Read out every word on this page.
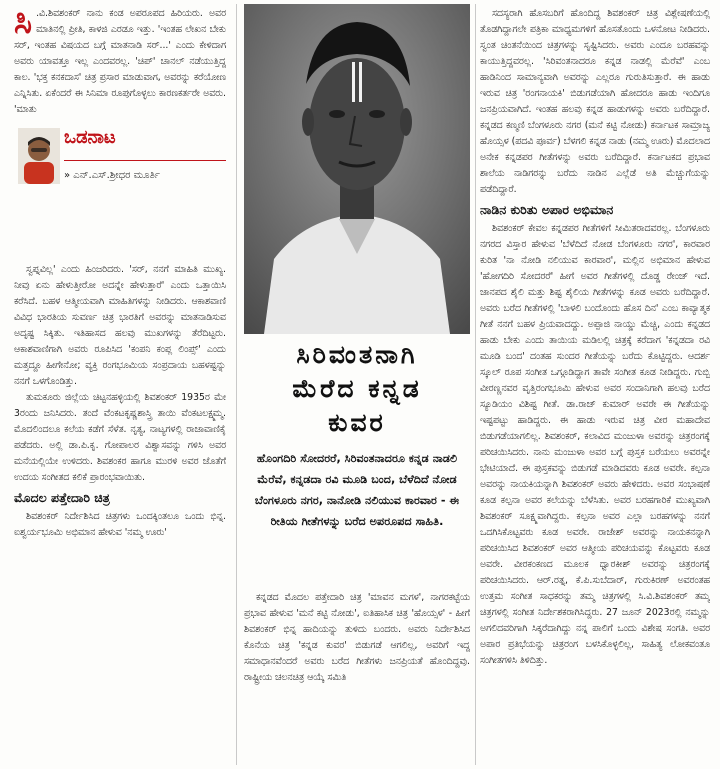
ಸಿ .ವಿ.ಶಿವಶಂಕರ್ ನಾನು ಕಂಡ ಅಪರೂಪದ ಹಿರಿಯರು. ಅವರ ಮಾತಿನಲ್ಲಿ ಪ್ರೀತಿ, ಕಾಳಜಿ ಎರಡೂ ಇತ್ತು. 'ಇಂತಹ ಲೇಖನ ಬೇಕು ಸರ್, ಇಂತಹ ವಿಷಯದ ಬಗ್ಗೆ ಮಾತನಾಡಿ ಸರ್...' ಎಂದು ಕೇಳಿದಾಗ ಅವರು ಯಾವತ್ತೂ ಇಲ್ಲ ಎಂದವರಲ್ಲ. 'ಚಿಪ್' ಚಾನಲ್ ನಡೆಯುತ್ತಿದ್ದ ಕಾಲ. 'ಭಕ್ತ ಕನಕದಾಸ' ಚಿತ್ರ ಪ್ರಸಾರ ಮಾಡುವಾಗ, ಅವರನ್ನು ಕರೆಯೋಣ ಎನ್ನಿಸಿತು. ಏಕೆಂದರೆ ಈ ಸಿನಿಮಾ ರೂಪುಗೊಳ್ಳಲು ಕಾರಣಕರ್ತರೇ ಅವರು. 'ಮಾತು

ಒಡನಾಟ
» ಎನ್.ಎಸ್.ಶ್ರೀಧರ ಮೂರ್ತಿ

ಸ್ವಪ್ನವಿಲ್ಲ' ಎಂದು ಹಿಂಜರಿದರು. 'ಸರ್, ನನಗೆ ಮಾಹಿತಿ ಮುಖ್ಯ. ನೀವು ಏನು ಹೇಳುತ್ತೀರೋ ಅದನ್ನೇ ಹೇಳುತ್ತಾರೆ' ಎಂದು ಒತ್ತಾಯಿಸಿ ಕರೆಸಿದೆ. ಬಹಳ ಆತ್ಮೀಯವಾಗಿ ಮಾಹಿತಿಗಳನ್ನು ನೀಡಿದರು. ಆಕಾಶವಾಣಿ ವಿವಿಧ ಭಾರತಿಯ ಸುವರ್ಣ ಚಿತ್ರ ಭಾರತಿಗೆ ಅವರನ್ನು ಮಾತನಾಡಿಸುವ ಅದೃಷ್ಟ ಸಿಕ್ಕಿತು. ಇತಿಹಾಸದ ಹಲವು ಮುಖಗಳನ್ನು ತೆರೆದಿಟ್ಟರು. ಆಕಾಶವಾಣಿಗಾಗಿ ಅವರು ರೂಪಿಸಿದ 'ಕಂಪನಿ ಕಂಪ್ಲ ಲಿಂಪ್ಸ್' ಎಂದು ಮತ್ತದ್ದೂ ಹೀಗೇನೋ; ವ್ಯಕ್ತಿ ರಂಗಭೂಮಿಯ ಸಂಪ್ರದಾಯ ಬಹಳಷ್ಟನ್ನು ನನಗೆ ಒಳಗೊಂಡಿತ್ತು.

ತುಮಕೂರು ಜಿಲ್ಲೆಯ ಚಿಟ್ಟನಹಳ್ಳಿಯಲ್ಲಿ ಶಿವಶಂಕರ್ 1935ರ ಮೇ 3ರಂದು ಜನಿಸಿದರು. ತಂದೆ ವೆಂಕಟಕೃಷ್ಣಶಾಸ್ತ್ರಿ ತಾಯಿ ವೆಂಕಟಲಕ್ಷ್ಮಮ್ಮ. ಮೊದಲಿಂದಲೂ ಕಲೆಯ ಕಡೆಗೆ ಸೆಳೆತ. ನೃತ್ಯ, ನಾಟ್ಯಗಳಲ್ಲಿ ರಾಜಾವಾಣಿಕೈ ಪಡೆದರು. ಅಲ್ಲಿ ಡಾ.ಪಿ.ಕೃ. ಗೋಪಾಲರ ವಿಶ್ವಾಸವನ್ನು ಗಳಿಸಿ ಅವರ ಮನೆಯಲ್ಲಿಯೇ ಉಳಿದರು. ಶಿವಶಂಕರ ಹಾಗೂ ಮುರಳಿ ಅವರ ಜೊತೆಗೆ ಉದಯ ಸಂಗೀತದ ಕಲಿಕೆ ಪ್ರಾರಂಭವಾಯಿತು.

ಮೊದಲ ಪತ್ತೇದಾರಿ ಚಿತ್ರ

ಶಿವಶಂಕರ್ ನಿರ್ದೇಶಿಸಿದ ಚಿತ್ರಗಳು ಒಂದಕ್ಕಿಂತಲೂ ಒಂದು ಭಿನ್ನ. ಐಶ್ವರ್ಯಭೂಮಿ ಅಭಿಮಾನ ಹೇಳುವ 'ನಮ್ಮ ಊರು'

ಸಿರಿವಂತನಾಗಿ
ಮೆರೆದ ಕನ್ನಡ
ಕುವರ
ಹೊಂಗದಿರಿ ಸೋದರರೆ, ಸಿರಿವಂತನಾದರೂ ಕನ್ನಡ ನಾಡಲಿ ಮೆರೆವೆ, ಕನ್ನಡದಾ ರವಿ ಮೂಡಿ ಬಂದ, ಬೆಳೆದಿದೆ ನೋಡ ಬೆಂಗಳೂರು ನಗರ, ನಾನೋಡಿ ನಲಿಯುವ ಕಾರವಾರ - ಈ ರೀತಿಯ ಗೀತೆಗಳನ್ನು ಬರೆದ ಅಪರೂಪದ ಸಾಹಿತಿ.

ಕನ್ನಡದ ಮೊದಲ ಪತ್ತೇದಾರಿ ಚಿತ್ರ 'ಮಾವನ ಮಗಳ', ನಾಗರಕಟ್ಟೆಯ ಪ್ರಭಾವ ಹೇಳುವ 'ಮನೆ ಕಟ್ಟಿ ನೋಡು', ಐತಿಹಾಸಿಕ ಚಿತ್ರ 'ಹೊಯ್ಸಳ' - ಹೀಗೆ ಶಿವಶಂಕರ್ ಭಿನ್ನ ಹಾದಿಯನ್ನು ತುಳಿದು ಬಂದರು. ಅವರು ನಿರ್ದೇಶಿಸಿದ ಕೊನೆಯ ಚಿತ್ರ 'ಕನ್ನಡ ಕುವರ' ಬಿಡುಗಡೆ ಆಗಲಿಲ್ಲ, ಅವರಿಗೆ ಇದ್ದ ಸಮಾಧಾನವೆಂದರೆ ಅವರು ಬರೆದ ಗೀತೆಗಳು ಜನಪ್ರಿಯತೆ ಹೊಂದಿದ್ದವು. ರಾಷ್ಟ್ರೀಯ ಚಲನಚಿತ್ರ ಆಯ್ಕೆ ಸಮಿತಿ

ಸದಸ್ಯರಾಗಿ ಹೊಸಬರಿಗೆ ಹೊಂದಿದ್ದ ಶಿವಶಂಕರ್ ಚಿತ್ರ ವಿಶ್ಲೇಷಣೆಯಲ್ಲಿ ತೊಡಗಿದ್ದಾಗಲೇ ಪತ್ರಿಕಾ ಮಾಧ್ಯಮಗಳಿಗೆ ಹೊಸತೊಂದು ಒಳನೋಟ ನೀಡಿದರು. ಸ್ವಂತ ಚಿಂತನೆಯಿಂದ ಚಿತ್ರಗಳನ್ನು ಸೃಷ್ಟಿಸಿದರು. ಅವರು ಎಂದೂ ಬರಹವನ್ನು ಕಾಯುತ್ತಿದ್ದವರಲ್ಲ. 'ಸಿರಿವಂತನಾದರೂ ಕನ್ನಡ ನಾಡಲ್ಲಿ ಮೆರೆವೆ' ಎಂಬ ಹಾಡಿನಿಂದ ಸಾಮಾನ್ಯವಾಗಿ ಅವರನ್ನು ಎಲ್ಲರೂ ಗುರುತಿಸುತ್ತಾರೆ. ಈ ಹಾಡು ಇರುವ ಚಿತ್ರ 'ರಂಗನಾಯಕಿ' ಬಿಡುಗಡೆಯಾಗಿ ಹೋದರೂ ಹಾಡು ಇಂದಿಗೂ ಜನಪ್ರಿಯವಾಗಿದೆ. ಇಂತಹ ಹಲವು ಕನ್ನಡ ಹಾಡುಗಳನ್ನು ಅವರು ಬರೆದಿದ್ದಾರೆ. ಕನ್ನಡದ ಕಣ್ಮಣಿ ಬೆಂಗಳೂರು ನಗರ (ಮನೆ ಕಟ್ಟಿ ನೋಡು) ಕರ್ನಾಟಕ ಸಾಮ್ರಾಜ್ಯ ಹೊಯ್ಸಳ (ಪದವಿ ಪೂರ್ವ) ಬೆಳಗಲಿ ಕನ್ನಡ ನಾಡು (ನಮ್ಮ ಊರು) ಮೊದಲಾದ ಅನೇಕ ಕನ್ನಡಪರ ಗೀತೆಗಳನ್ನು ಅವರು ಬರೆದಿದ್ದಾರೆ. ಕರ್ನಾಟಕದ ಪ್ರಭಾವ ಶಾಲೆಯ ನಾಡಿಗರನ್ನು ಬರೆದು ನಾಡಿನ ಎಲ್ಲೆಡೆ ಅತಿ ಮೆಚ್ಚುಗೆಯನ್ನು ಪಡೆದಿದ್ದಾರೆ.

ನಾಡಿನ ಕುರಿತು ಅಪಾರ ಅಭಿಮಾನ

ಶಿವಶಂಕರ್ ಕೇವಲ ಕನ್ನಡಪರ ಗೀತೆಗಳಿಗೆ ಸೀಮಿತರಾದವರಲ್ಲ. ಬೆಂಗಳೂರು ನಗರದ ವಿಸ್ತಾರ ಹೇಳುವ 'ಬೆಳೆದಿದೆ ನೋಡ ಬೆಂಗಳೂರು ನಗರ', ಕಾರವಾರ ಕುರಿತ 'ನಾ ನೋಡಿ ನಲಿಯುವ ಕಾರವಾರ', ಮಲ್ಲಿನ ಅಭಿಮಾನ ಹೇಳುವ 'ಹೋಗದಿರಿ ಸೋದರರೆ' ಹೀಗೆ ಅವರ ಗೀತೆಗಳಲ್ಲಿ ದೊಡ್ಡ ರೇಂಜ್ ಇದೆ. ಜಾನಪದ ಶೈಲಿ ಮತ್ತು ಶಿಷ್ಟ ಶೈಲಿಯ ಗೀತೆಗಳನ್ನು ಕೂಡ ಅವರು ಬರೆದಿದ್ದಾರೆ. ಅವರು ಬರೆದ ಗೀತೆಗಳಲ್ಲಿ 'ಬಾಳಲಿ ಬಂದೊಂದು ಹೊಸ ದಿನ' ಎಂಬ ಕಾವ್ಯಾತ್ಮಕ ಗೀತೆ ನನಗೆ ಬಹಳ ಪ್ರಿಯವಾದದ್ದು. ಅಪ್ಪಾಜಿ ನಾಯ್ಡು ಮೆಚ್ಚಿ, ಎಂದು ಕನ್ನಡದ ಹಾಡು ಬೇಕು ಎಂದು ತಾಯಿಯ ಮಡಿಲಲ್ಲಿ ಚಿತ್ರಕ್ಕೆ ಕರೆದಾಗ 'ಕನ್ನಡದಾ ರವಿ ಮೂಡಿ ಬಂದ' ದಂತಹ ಸುಂದರ ಗೀತೆಯನ್ನು ಬರೆದು ಕೊಟ್ಟಿದ್ದರು. ಆದರ್ಶ ಸ್ಕೂಲ್ ರೂಪ ಸಂಗೀತ ಒಗ್ಗೂಡಿದ್ದಾಗ ತಾವೇ ಸಂಗೀತ ಕೂಡ ನೀಡಿದ್ದರು. ಗುಬ್ಬಿ ವೀರಣ್ಣನವರ ವೃತ್ತಿರಂಗಭೂಮಿ ಹೇಳುವ ಅವರ ಸಂದಾನಿಗಾಗಿ ಹಲವು ಬರೆದ ಸ್ಯೂಡಿಯಂ ವಿಶಿಷ್ಟ ಗೀತೆ. ಡಾ.ರಾಜ್ ಕುಮಾರ್ ಅವರೇ ಈ ಗೀತೆಯನ್ನು ಇಷ್ಟಪಟ್ಟು ಹಾಡಿದ್ದರು. ಈ ಹಾಡು ಇರುವ ಚಿತ್ರ ವೀರ ಮಹಾದೇವ ಬಿಡುಗಡೆಯಾಗಲಿಲ್ಲ. ಶಿವಶಂಕರ್, ಕಲಾವಿದ ಮಂಜುಳಾ ಅವರನ್ನು ಚಿತ್ರರಂಗಕ್ಕೆ ಪರಿಚಯಿಸಿದರು. ನಾನು ಮಂಜುಳಾ ಅವರ ಬಗ್ಗೆ ಪುಸ್ತಕ ಬರೆಯಲು ಅವರನ್ನೇ ಭೇಟಿಯಾದೆ. ಈ ಪುಸ್ತಕವನ್ನು ಬಿಡುಗಡೆ ಮಾಡಿದವರು ಕೂಡ ಅವರೇ. ಕಲ್ಪನಾ ಅವರನ್ನು ನಾಯಕಿಯನ್ನಾಗಿ ಶಿವಶಂಕರ್ ಅವರು ಹೇಳಿದರು. ಅವರ ಸಂಭಾಷಣೆ ಕೂಡ ಕಲ್ಪನಾ ಅವರ ಕಲೆಯನ್ನು ಬೆಳೆಸಿತು. ಅವರ ಬರಹಗಾರಿಕೆ ಮುಖ್ಯವಾಗಿ ಶಿವಶಂಕರ್ ಸೂಕ್ಷ್ಮವಾಗಿದ್ದರು. ಕಲ್ಪನಾ ಅವರ ಎಲ್ಲಾ ಬರಹಗಳನ್ನು ನನಗೆ ಒದಗಿಸಿಕೊಟ್ಟವರು ಕೂಡ ಅವರೇ. ರಾಜೇಶ್ ಅವರನ್ನು ನಾಯಕನನ್ನಾಗಿ ಪರಿಚಯಿಸಿದ ಶಿವಶಂಕರ್ ಅವರ ಆತ್ಮೀಯ ಪರಿಚಯವನ್ನು ಕೊಟ್ಟವರು ಕೂಡ ಅವರೇ. ವೀರಕಂಕಣದ ಮೂಲಕ ಧ್ವಾರಕೀಶ್ ಅವರನ್ನು ಚಿತ್ರರಂಗಕ್ಕೆ ಪರಿಚಯಿಸಿದರು. ಆರ್.ರತ್ನ, ಕೆ.ಪಿ.ಸುಬೆದಾರ್, ಗುರುಕಿರಣ್ ಅವರಂತಹ ಉತ್ತಮ ಸಂಗೀತ ಸಾಧಕರನ್ನು ತಮ್ಮ ಚಿತ್ರಗಳಲ್ಲಿ ಸಿ.ವಿ.ಶಿವಶಂಕರ್ ತಮ್ಮ ಚಿತ್ರಗಳಲ್ಲಿ ಸಂಗೀತ ನಿರ್ದೇಶಕರಾಗಿಸಿದ್ದರು. 27 ಜೂನ್ 2023ರಲ್ಲಿ ನಮ್ಮನ್ನು ಅಗಲಿದವರಿಗಾಗಿ ಸಿಕ್ಕರೆದಾಗಿದ್ದು ನನ್ನ ಪಾಲಿಗೆ ಒಂದು ವಿಶೇಷ ಸಂಗತಿ. ಅವರ ಅಪಾರ ಪ್ರತಿಭೆಯನ್ನು ಚಿತ್ರರಂಗ ಬಳಸಿಕೊಳ್ಳಲಿಲ್ಲ, ಸಾಹಿತ್ಯ ಲೋಕವಂತೂ ಸಂಗೀತಗಳಿಸಿ ತಿಳಿದಿತ್ತು.
